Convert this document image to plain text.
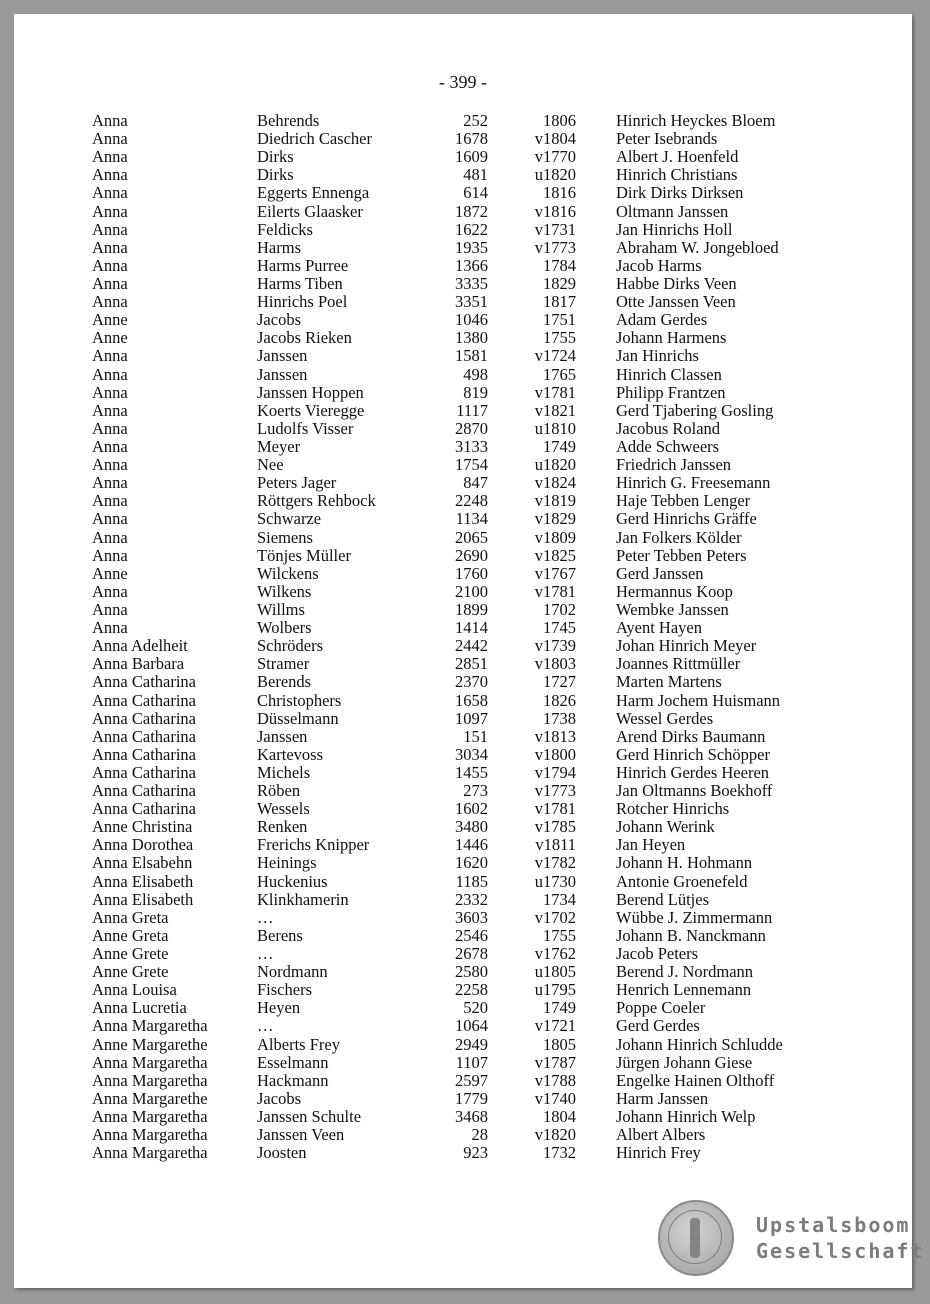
- 399 -
Anna	Behrends	252	1806 Hinrich Heyckes Bloem
Anna	Diedrich Cascher	1678	v1804 Peter Isebrands
Anna	Dirks	1609	v1770 Albert J. Hoenfeld
Anna	Dirks	481	u1820 Hinrich Christians
Anna	Eggerts Ennenga	614	1816 Dirk Dirks Dirksen
Anna	Eilerts Glaasker	1872	v1816 Oltmann Janssen
Anna	Feldicks	1622	v1731 Jan Hinrichs Holl
Anna	Harms	1935	v1773 Abraham W. Jongebloed
Anna	Harms Purree	1366	1784 Jacob Harms
Anna	Harms Tiben	3335	1829 Habbe Dirks Veen
Anna	Hinrichs Poel	3351	1817 Otte Janssen Veen
Anne	Jacobs	1046	1751 Adam Gerdes
Anne	Jacobs Rieken	1380	1755 Johann Harmens
Anna	Janssen	1581	v1724 Jan Hinrichs
Anna	Janssen	498	1765 Hinrich Classen
Anna	Janssen Hoppen	819	v1781 Philipp Frantzen
Anna	Koerts Vieregge	1117	v1821 Gerd Tjabering Gosling
Anna	Ludolfs Visser	2870	u1810 Jacobus Roland
Anna	Meyer	3133	1749 Adde Schweers
Anna	Nee	1754	u1820 Friedrich Janssen
Anna	Peters Jager	847	v1824 Hinrich G. Freesemann
Anna	Röttgers Rehbock	2248	v1819 Haje Tebben Lenger
Anna	Schwarze	1134	v1829 Gerd Hinrichs Gräffe
Anna	Siemens	2065	v1809 Jan Folkers Kölder
Anna	Tönjes Müller	2690	v1825 Peter Tebben Peters
Anne	Wilckens	1760	v1767 Gerd Janssen
Anna	Wilkens	2100	v1781 Hermannus Koop
Anna	Willms	1899	1702 Wembke Janssen
Anna	Wolbers	1414	1745 Ayent Hayen
Anna Adelheit	Schröders	2442	v1739 Johan Hinrich Meyer
Anna Barbara	Stramer	2851	v1803 Joannes Rittmüller
Anna Catharina	Berends	2370	1727 Marten Martens
Anna Catharina	Christophers	1658	1826 Harm Jochem Huismann
Anna Catharina	Düsselmann	1097	1738 Wessel Gerdes
Anna Catharina	Janssen	151	v1813 Arend Dirks Baumann
Anna Catharina	Kartevoss	3034	v1800 Gerd Hinrich Schöpper
Anna Catharina	Michels	1455	v1794 Hinrich Gerdes Heeren
Anna Catharina	Röben	273	v1773 Jan Oltmanns Boekhoff
Anna Catharina	Wessels	1602	v1781 Rotcher Hinrichs
Anne Christina	Renken	3480	v1785 Johann Werink
Anna Dorothea	Frerichs Knipper	1446	v1811 Jan Heyen
Anna Elsabehn	Heinings	1620	v1782 Johann H. Hohmann
Anna Elisabeth	Huckenius	1185	u1730 Antonie Groenefeld
Anna Elisabeth	Klinkhamerin	2332	1734 Berend Lütjes
Anna Greta	…	3603	v1702 Wübbe J. Zimmermann
Anne Greta	Berens	2546	1755 Johann B. Nanckmann
Anne Grete	…	2678	v1762 Jacob Peters
Anne Grete	Nordmann	2580	u1805 Berend J. Nordmann
Anna Louisa	Fischers	2258	u1795 Henrich Lennemann
Anna Lucretia	Heyen	520	1749 Poppe Coeler
Anna Margaretha	…	1064	v1721 Gerd Gerdes
Anne Margarethe	Alberts Frey	2949	1805 Johann Hinrich Schludde
Anna Margaretha	Esselmann	1107	v1787 Jürgen Johann Giese
Anna Margaretha	Hackmann	2597	v1788 Engelke Hainen Olthoff
Anna Margarethe	Jacobs	1779	v1740 Harm Janssen
Anna Margaretha	Janssen Schulte	3468	1804 Johann Hinrich Welp
Anna Margaretha	Janssen Veen	28	v1820 Albert Albers
Anna Margaretha	Joosten	923	1732 Hinrich Frey
Upstalsboom
Gesellschaft
